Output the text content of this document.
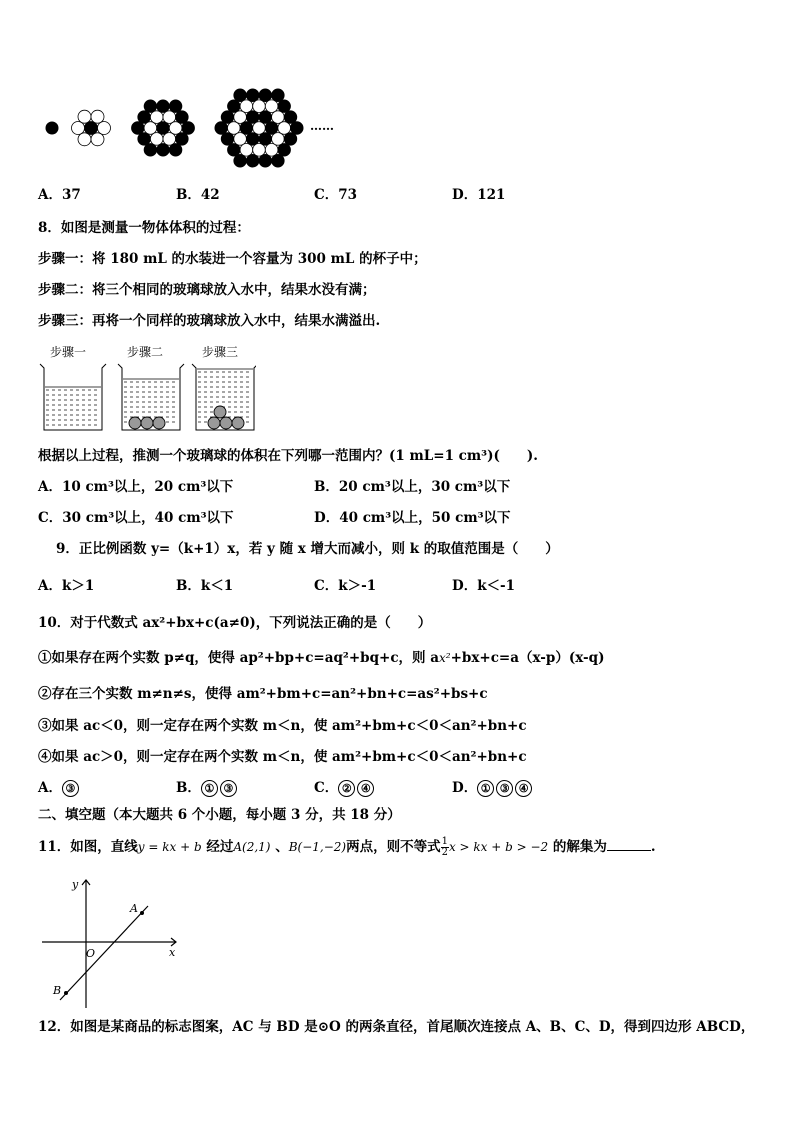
……
A．37	B．42	C．73	D．121
8．如图是测量一物体体积的过程：
步骤一：将 180 mL 的水装进一个容量为 300 mL 的杯子中；
步骤二：将三个相同的玻璃球放入水中，结果水没有满；
步骤三：再将一个同样的玻璃球放入水中，结果水满溢出.
步骤一	步骤二	步骤三
根据以上过程，推测一个玻璃球的体积在下列哪一范围内？(1 mL=1 cm³)(　　).
A．10 cm³以上，20 cm³以下	B．20 cm³以上，30 cm³以下
C．30 cm³以上，40 cm³以下	D．40 cm³以上，50 cm³以下
9．正比例函数 y=（k+1）x，若 y 随 x 增大而减小，则 k 的取值范围是（　　）
A．k＞1	B．k＜1	C．k＞-1	D．k＜-1
10．对于代数式 ax²+bx+c(a≠0)，下列说法正确的是（　　）
①如果存在两个实数 p≠q，使得 ap²+bp+c=aq²+bq+c，则 ax²+bx+c=a（x-p）(x-q)
②存在三个实数 m≠n≠s，使得 am²+bm+c=an²+bn+c=as²+bs+c
③如果 ac＜0，则一定存在两个实数 m＜n，使 am²+bm+c＜0＜an²+bn+c
④如果 ac＞0，则一定存在两个实数 m＜n，使 am²+bm+c＜0＜an²+bn+c
A． ③	B． ① ③	C． ② ④	D． ① ③ ④
二、填空题（本大题共 6 个小题，每小题 3 分，共 18 分）
11．如图，直线y = kx + b 经过A(2,1) 、B(−1,−2)两点，则不等式 $\frac{1}{2}$ x > kx + b > −2 的解集为	.
y
x
A
B
O
12．如图是某商品的标志图案，AC 与 BD 是⊙O 的两条直径，首尾顺次连接点 A、B、C、D，得到四边形 ABCD，
